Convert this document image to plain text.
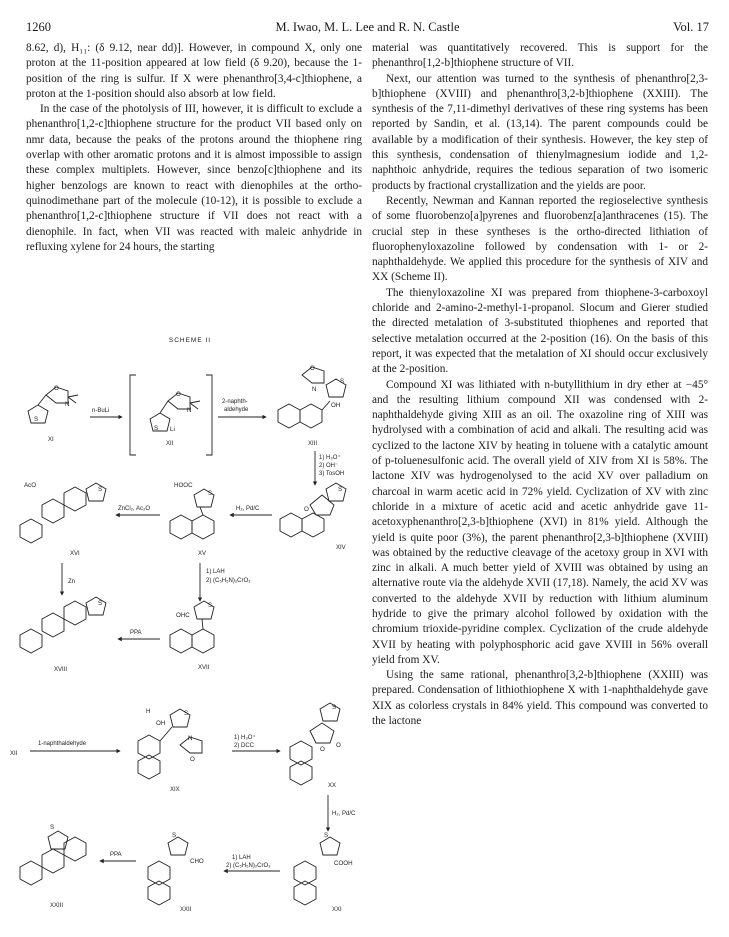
1260	M. Iwao, M. L. Lee and R. N. Castle	Vol. 17

8.62, d), H₁₁: (δ 9.12, near dd)]. However, in compound X, only one proton at the 11-position appeared at low field (δ 9.20), because the 1-position of the ring is sulfur. If X were phenanthro[3,4-c]thiophene, a proton at the 1-position should also absorb at low field.

In the case of the photolysis of III, however, it is difficult to exclude a phenanthro[1,2-c]thiophene structure for the product VII based only on nmr data, because the peaks of the protons around the thiophene ring overlap with other aromatic protons and it is almost impossible to assign these complex multiplets. However, since benzo[c]thiophene and its higher benzologs are known to react with dienophiles at the ortho-quinodimethane part of the molecule (10-12), it is possible to exclude a phenanthro[1,2-c]thiophene structure if VII does not react with a dienophile. In fact, when VII was reacted with maleic anhydride in refluxing xylene for 24 hours, the starting

material was quantitatively recovered. This is support for the phenanthro[1,2-b]thiophene structure of VII.

Next, our attention was turned to the synthesis of phenanthro[2,3-b]thiophene (XVIII) and phenanthro[3,2-b]thiophene (XXIII). The synthesis of the 7,11-dimethyl derivatives of these ring systems has been reported by Sandin, et al. (13,14). The parent compounds could be available by a modification of their synthesis. However, the key step of this synthesis, condensation of thienylmagnesium iodide and 1,2-naphthoic anhydride, requires the tedious separation of two isomeric products by fractional crystallization and the yields are poor.

Recently, Newman and Kannan reported the regioselective synthesis of some fluorobenzo[a]pyrenes and fluorobenz[a]anthracenes (15). The crucial step in these syntheses is the ortho-directed lithiation of fluorophenyloxazoline followed by condensation with 1- or 2-naphthaldehyde. We applied this procedure for the synthesis of XIV and XX (Scheme II).

The thienyloxazoline XI was prepared from thiophene-3-carboxoyl chloride and 2-amino-2-methyl-1-propanol. Slocum and Gierer studied the directed metalation of 3-substituted thiophenes and reported that selective metalation occurred at the 2-position (16). On the basis of this report, it was expected that the metalation of XI should occur exclusively at the 2-position.

Compound XI was lithiated with n-butyllithium in dry ether at −45° and the resulting lithium compound XII was condensed with 2-naphthaldehyde giving XIII as an oil. The oxazoline ring of XIII was hydrolysed with a combination of acid and alkali. The resulting acid was cyclized to the lactone XIV by heating in toluene with a catalytic amount of p-toluenesulfonic acid. The overall yield of XIV from XI is 58%. The lactone XIV was hydrogenolysed to the acid XV over palladium on charcoal in warm acetic acid in 72% yield. Cyclization of XV with zinc chloride in a mixture of acetic acid and acetic anhydride gave 11-acetoxyphenanthro[2,3-b]thiophene (XVI) in 81% yield. Although the yield is quite poor (3%), the parent phenanthro[2,3-b]thiophene (XVIII) was obtained by the reductive cleavage of the acetoxy group in XVI with zinc in alkali. A much better yield of XVIII was obtained by using an alternative route via the aldehyde XVII (17,18). Namely, the acid XV was converted to the aldehyde XVII by reduction with lithium aluminum hydride to give the primary alcohol followed by oxidation with the chromium trioxide-pyridine complex. Cyclization of the crude aldehyde XVII by heating with polyphosphoric acid gave XVIII in 56% overall yield from XV.

Using the same rational, phenanthro[3,2-b]thiophene (XXIII) was prepared. Condensation of lithiothiophene X with 1-naphthaldehyde gave XIX as colorless crystals in 84% yield. This compound was converted to the lactone

SCHEME II
S
O
N
XI
n-BuLi
S Li
O
N
XII
2-naphth-
aldehyde
OH
S
O
N
XIII
1) H₃O⁺
2) OH⁻
3) TosOH
AcO
S
XVI
ZnCl₂, Ac₂O
HOOC
S
XV
H₂, Pd/C	O
S
XIV
Zn
1) LAH
2) (C₅H₅N)₂CrO₃
S
XVIII
PPA
OHC
S
XVII
XII
1-naphthaldehyde
H
OH
S
N
O
XIX
1) H₃O⁺
2) DCC
S
O
O
XX
H₂, Pd/C
S
XXIII
PPA
S
CHO
XXII
1) LAH
2) (C₅H₅N)₂CrO₃
S
COOH
XXI
